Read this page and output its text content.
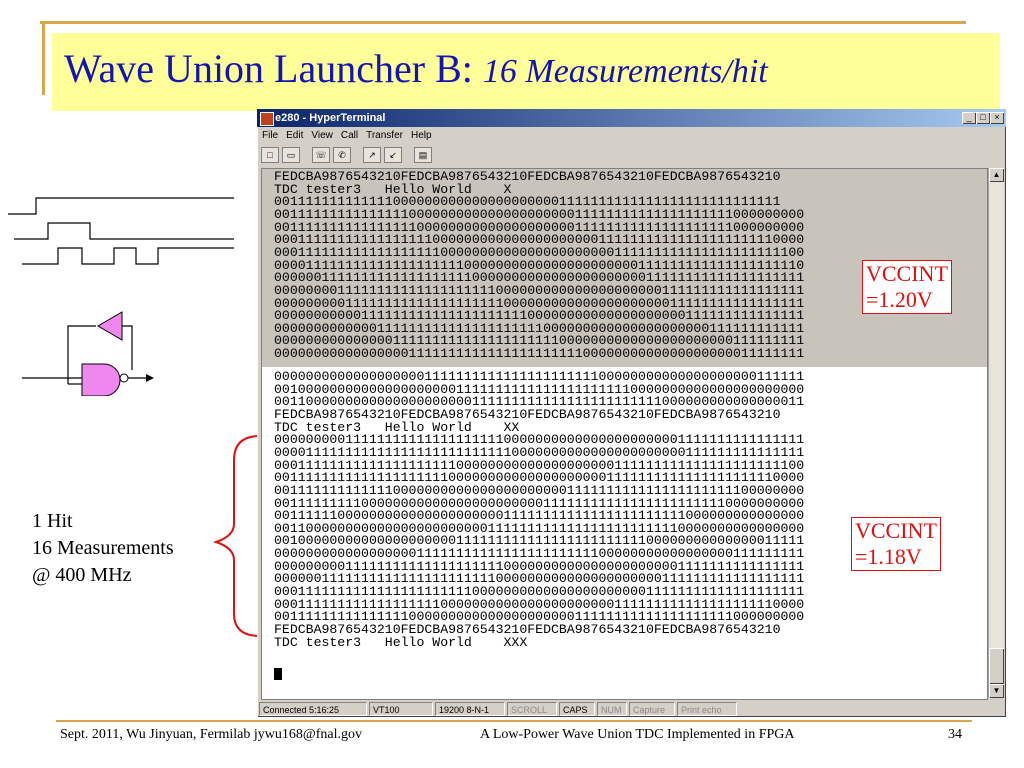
Wave Union Launcher B: 16 Measurements/hit
1 Hit
16 Measurements
@ 400 MHz
e280 - HyperTerminal	_ □ ×
File Edit View Call Transfer Help
□	▭	☏	✆	↗	↙	▤
FEDCBA9876543210FEDCBA9876543210FEDCBA9876543210FEDCBA9876543210
TDC tester3   Hello World    X
0011111111111110000000000000000000001111111111111111111111111111
0011111111111111100000000000000000000011111111111111111111000000000
0011111111111111110000000000000000000011111111111111111111000000000
0001111111111111111100000000000000000000011111111111111111111110000
0001111111111111111110000000000000000000000111111111111111111111100
0000111111111111111111110000000000000000000000111111111111111111110
0000001111111111111111111000000000000000000000011111111111111111111
0000000011111111111111111111000000000000000000000111111111111111111
0000000001111111111111111111100000000000000000000011111111111111111
0000000000011111111111111111111100000000000000000000111111111111111
0000000000000111111111111111111111000000000000000000000111111111111
0000000000000001111111111111111111110000000000000000000000111111111
0000000000000000011111111111111111111110000000000000000000011111111
0000000000000000000111111111111111111111100000000000000000000111111
0010000000000000000000011111111111111111111110000000000000000000000
0011000000000000000000000111111111111111111111111000000000000000011
FEDCBA9876543210FEDCBA9876543210FEDCBA9876543210FEDCBA9876543210
TDC tester3   Hello World    XX
0000000001111111111111111111100000000000000000000001111111111111111
0000111111111111111111111111110000000000000000000000111111111111111
0001111111111111111111100000000000000000000111111111111111111111100
0011111111111111111111000000000000000000001111111111111111111110000
0011111111111110000000000000000000000111111111111111111111100000000
0011111111100000000000000000000000111111111111111111111110000000000
0011111100000000000000000000011111111111111111111111000000000000000
0011000000000000000000000001111111111111111111111110000000000000000
0010000000000000000000011111111111111111111111100000000000000011111
0000000000000000001111111111111111111111100000000000000000111111111
0000000001111111111111111111100000000000000000000001111111111111111
0000001111111111111111111111000000000000000000000111111111111111111
0001111111111111111111111000000000000000000000011111111111111111111
0001111111111111111110000000000000000000000111111111111111111110000
0011111111111111100000000000000000000011111111111111111111000000000
FEDCBA9876543210FEDCBA9876543210FEDCBA9876543210FEDCBA9876543210
TDC tester3   Hello World    XXX
▲
▼
Connected 5:16:25	VT100	19200 8-N-1	SCROLL	CAPS	NUM	Capture	Print echo
VCCINT
=1.20V
VCCINT
=1.18V
Sept. 2011, Wu Jinyuan, Fermilab jywu168@fnal.gov	A Low-Power Wave Union TDC Implemented in FPGA	34
